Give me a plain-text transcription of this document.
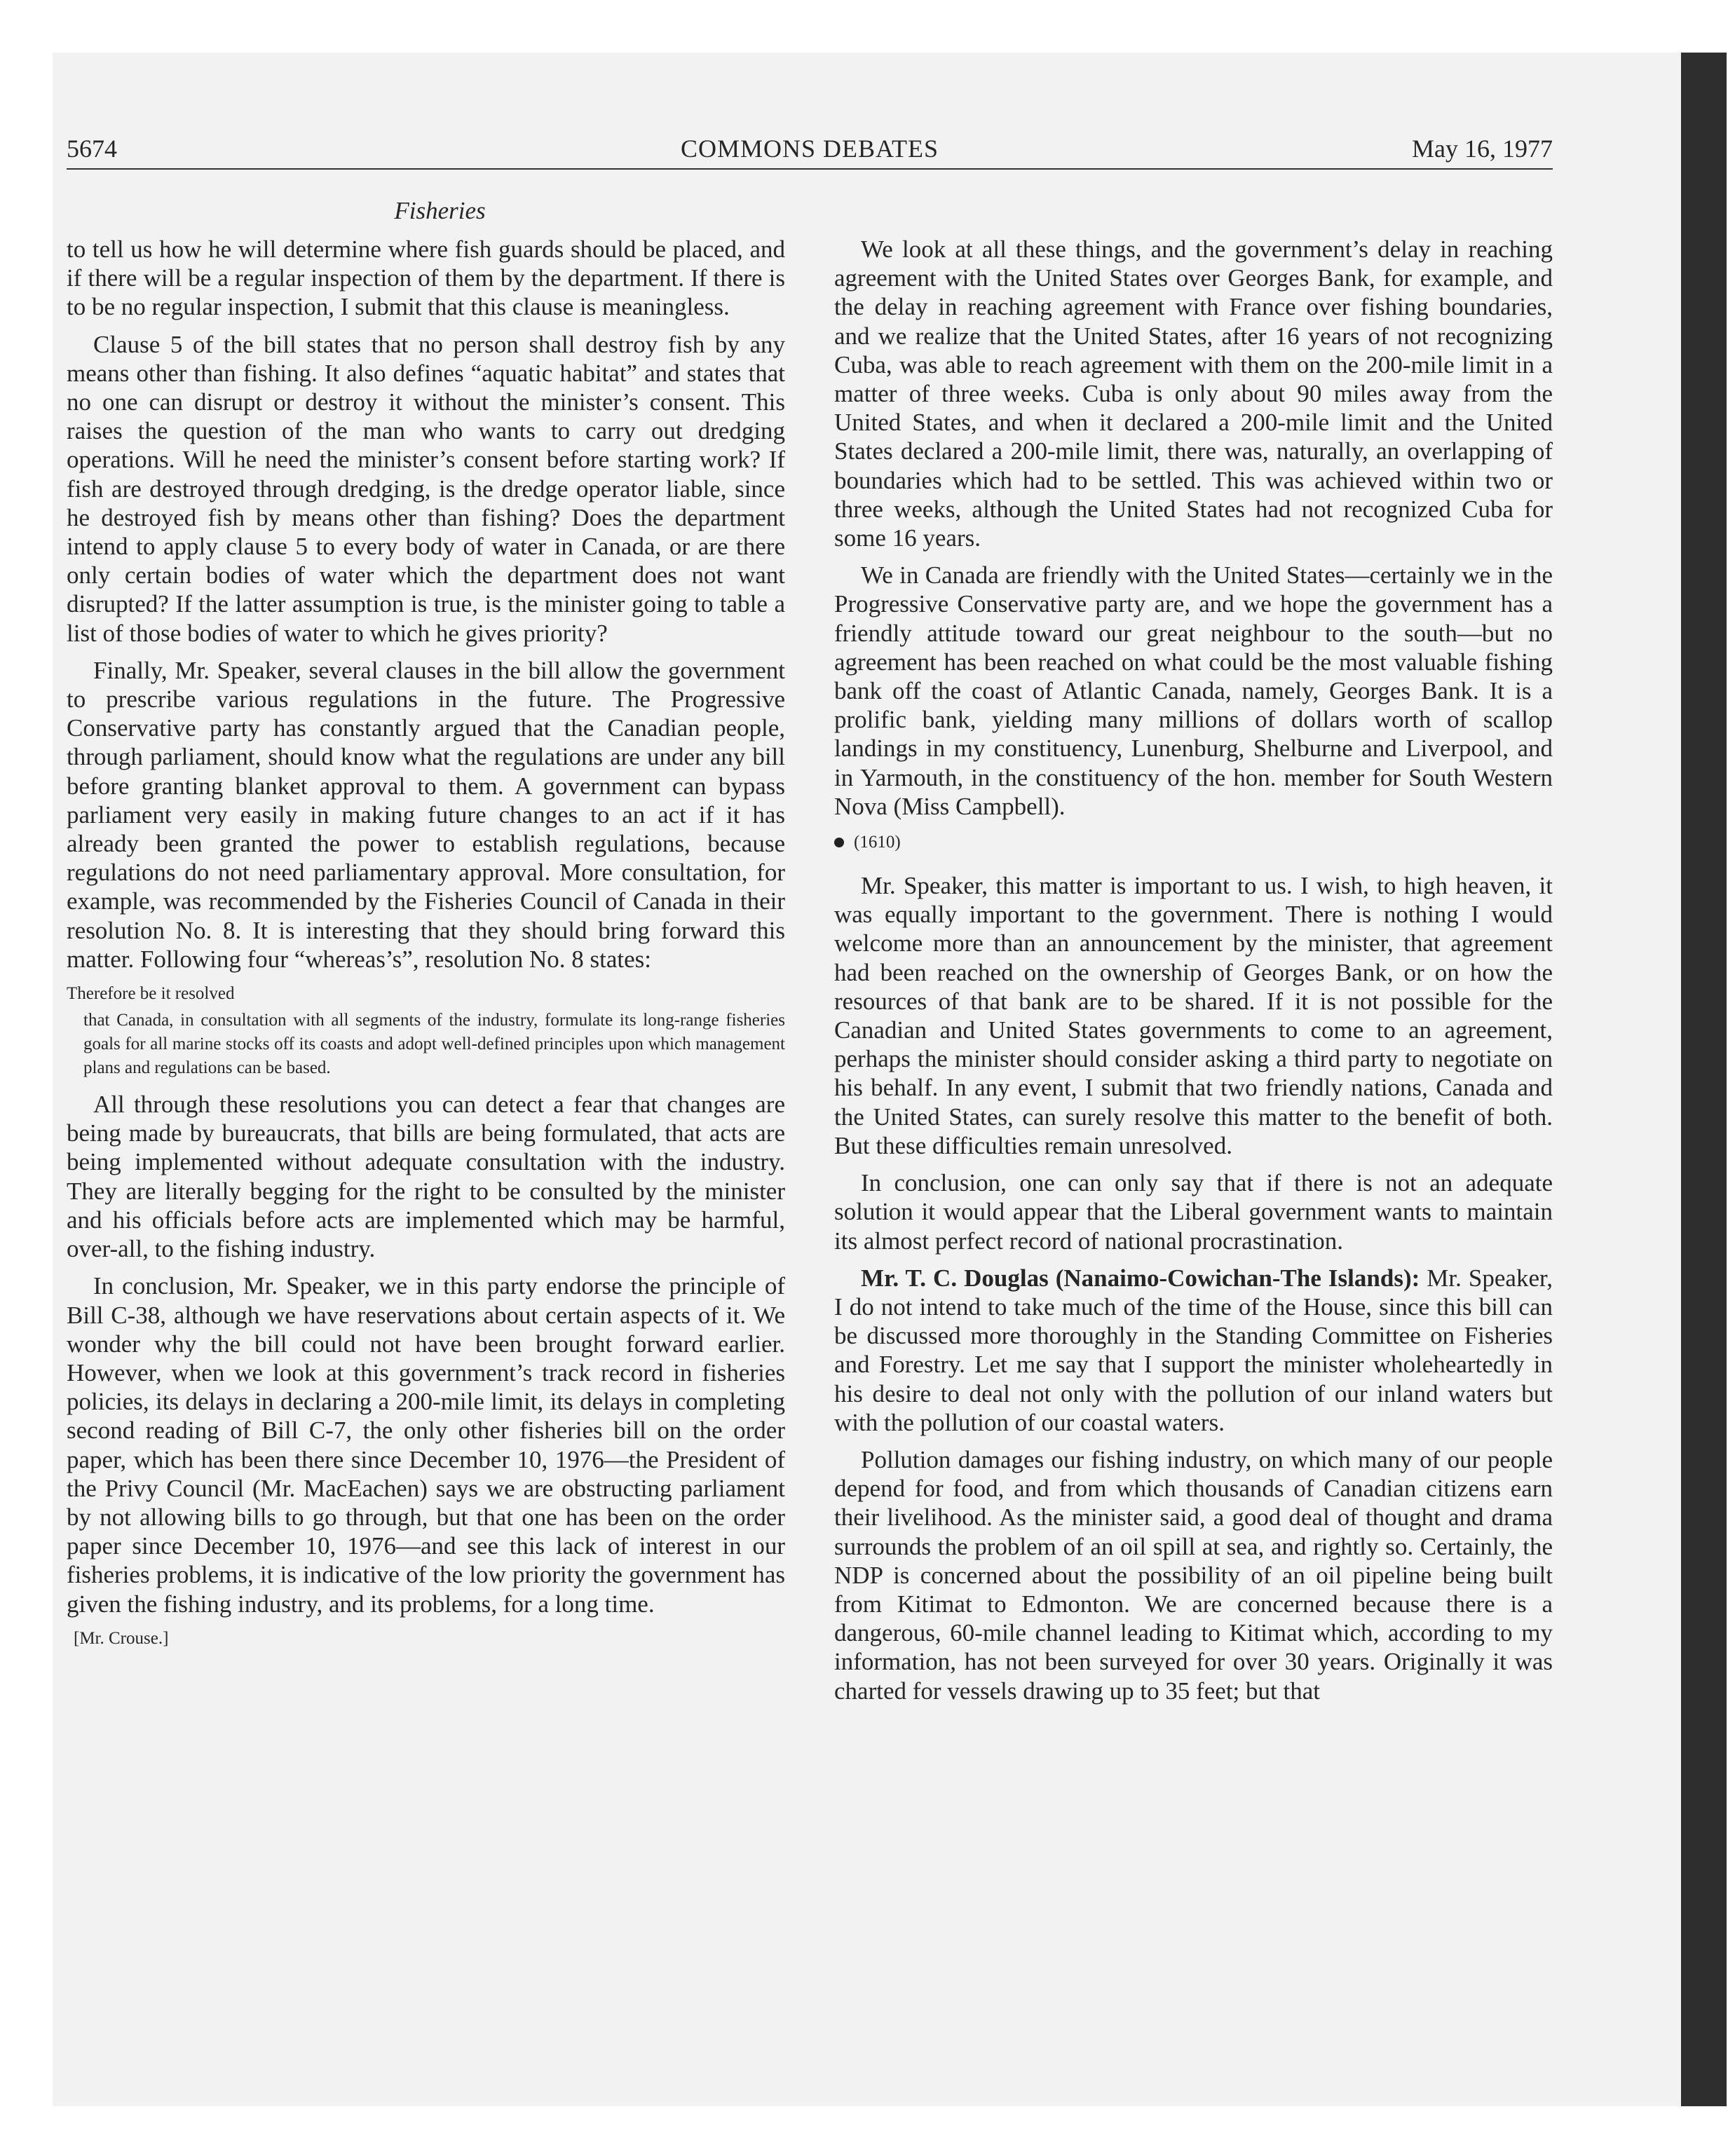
5674	COMMONS DEBATES	May 16, 1977
Fisheries

to tell us how he will determine where fish guards should be placed, and if there will be a regular inspection of them by the department. If there is to be no regular inspection, I submit that this clause is meaningless.

Clause 5 of the bill states that no person shall destroy fish by any means other than fishing. It also defines “aquatic habitat” and states that no one can disrupt or destroy it without the minister’s consent. This raises the question of the man who wants to carry out dredging operations. Will he need the minister’s consent before starting work? If fish are destroyed through dredging, is the dredge operator liable, since he destroyed fish by means other than fishing? Does the department intend to apply clause 5 to every body of water in Canada, or are there only certain bodies of water which the department does not want disrupted? If the latter assumption is true, is the minister going to table a list of those bodies of water to which he gives priority?

Finally, Mr. Speaker, several clauses in the bill allow the government to prescribe various regulations in the future. The Progressive Conservative party has constantly argued that the Canadian people, through parliament, should know what the regulations are under any bill before granting blanket approval to them. A government can bypass parliament very easily in making future changes to an act if it has already been granted the power to establish regulations, because regulations do not need parliamentary approval. More consultation, for example, was recommended by the Fisheries Council of Canada in their resolution No. 8. It is interesting that they should bring forward this matter. Following four “whereas’s”, resolution No. 8 states:

Therefore be it resolved
that Canada, in consultation with all segments of the industry, formulate its long-range fisheries goals for all marine stocks off its coasts and adopt well-defined principles upon which management plans and regulations can be based.

All through these resolutions you can detect a fear that changes are being made by bureaucrats, that bills are being formulated, that acts are being implemented without adequate consultation with the industry. They are literally begging for the right to be consulted by the minister and his officials before acts are implemented which may be harmful, over-all, to the fishing industry.

In conclusion, Mr. Speaker, we in this party endorse the principle of Bill C-38, although we have reservations about certain aspects of it. We wonder why the bill could not have been brought forward earlier. However, when we look at this government’s track record in fisheries policies, its delays in declaring a 200-mile limit, its delays in completing second reading of Bill C-7, the only other fisheries bill on the order paper, which has been there since December 10, 1976—the President of the Privy Council (Mr. MacEachen) says we are obstructing parliament by not allowing bills to go through, but that one has been on the order paper since December 10, 1976—and see this lack of interest in our fisheries problems, it is indicative of the low priority the government has given the fishing industry, and its problems, for a long time.

[Mr. Crouse.]

We look at all these things, and the government’s delay in reaching agreement with the United States over Georges Bank, for example, and the delay in reaching agreement with France over fishing boundaries, and we realize that the United States, after 16 years of not recognizing Cuba, was able to reach agreement with them on the 200-mile limit in a matter of three weeks. Cuba is only about 90 miles away from the United States, and when it declared a 200-mile limit and the United States declared a 200-mile limit, there was, naturally, an overlapping of boundaries which had to be settled. This was achieved within two or three weeks, although the United States had not recognized Cuba for some 16 years.

We in Canada are friendly with the United States—certainly we in the Progressive Conservative party are, and we hope the government has a friendly attitude toward our great neighbour to the south—but no agreement has been reached on what could be the most valuable fishing bank off the coast of Atlantic Canada, namely, Georges Bank. It is a prolific bank, yielding many millions of dollars worth of scallop landings in my constituency, Lunenburg, Shelburne and Liverpool, and in Yarmouth, in the constituency of the hon. member for South Western Nova (Miss Campbell).

(1610)

Mr. Speaker, this matter is important to us. I wish, to high heaven, it was equally important to the government. There is nothing I would welcome more than an announcement by the minister, that agreement had been reached on the ownership of Georges Bank, or on how the resources of that bank are to be shared. If it is not possible for the Canadian and United States governments to come to an agreement, perhaps the minister should consider asking a third party to negotiate on his behalf. In any event, I submit that two friendly nations, Canada and the United States, can surely resolve this matter to the benefit of both. But these difficulties remain unresolved.

In conclusion, one can only say that if there is not an adequate solution it would appear that the Liberal government wants to maintain its almost perfect record of national procrastination.

Mr. T. C. Douglas (Nanaimo-Cowichan-The Islands): Mr. Speaker, I do not intend to take much of the time of the House, since this bill can be discussed more thoroughly in the Standing Committee on Fisheries and Forestry. Let me say that I support the minister wholeheartedly in his desire to deal not only with the pollution of our inland waters but with the pollution of our coastal waters.

Pollution damages our fishing industry, on which many of our people depend for food, and from which thousands of Canadian citizens earn their livelihood. As the minister said, a good deal of thought and drama surrounds the problem of an oil spill at sea, and rightly so. Certainly, the NDP is concerned about the possibility of an oil pipeline being built from Kitimat to Edmonton. We are concerned because there is a dangerous, 60-mile channel leading to Kitimat which, according to my information, has not been surveyed for over 30 years. Originally it was charted for vessels drawing up to 35 feet; but that
